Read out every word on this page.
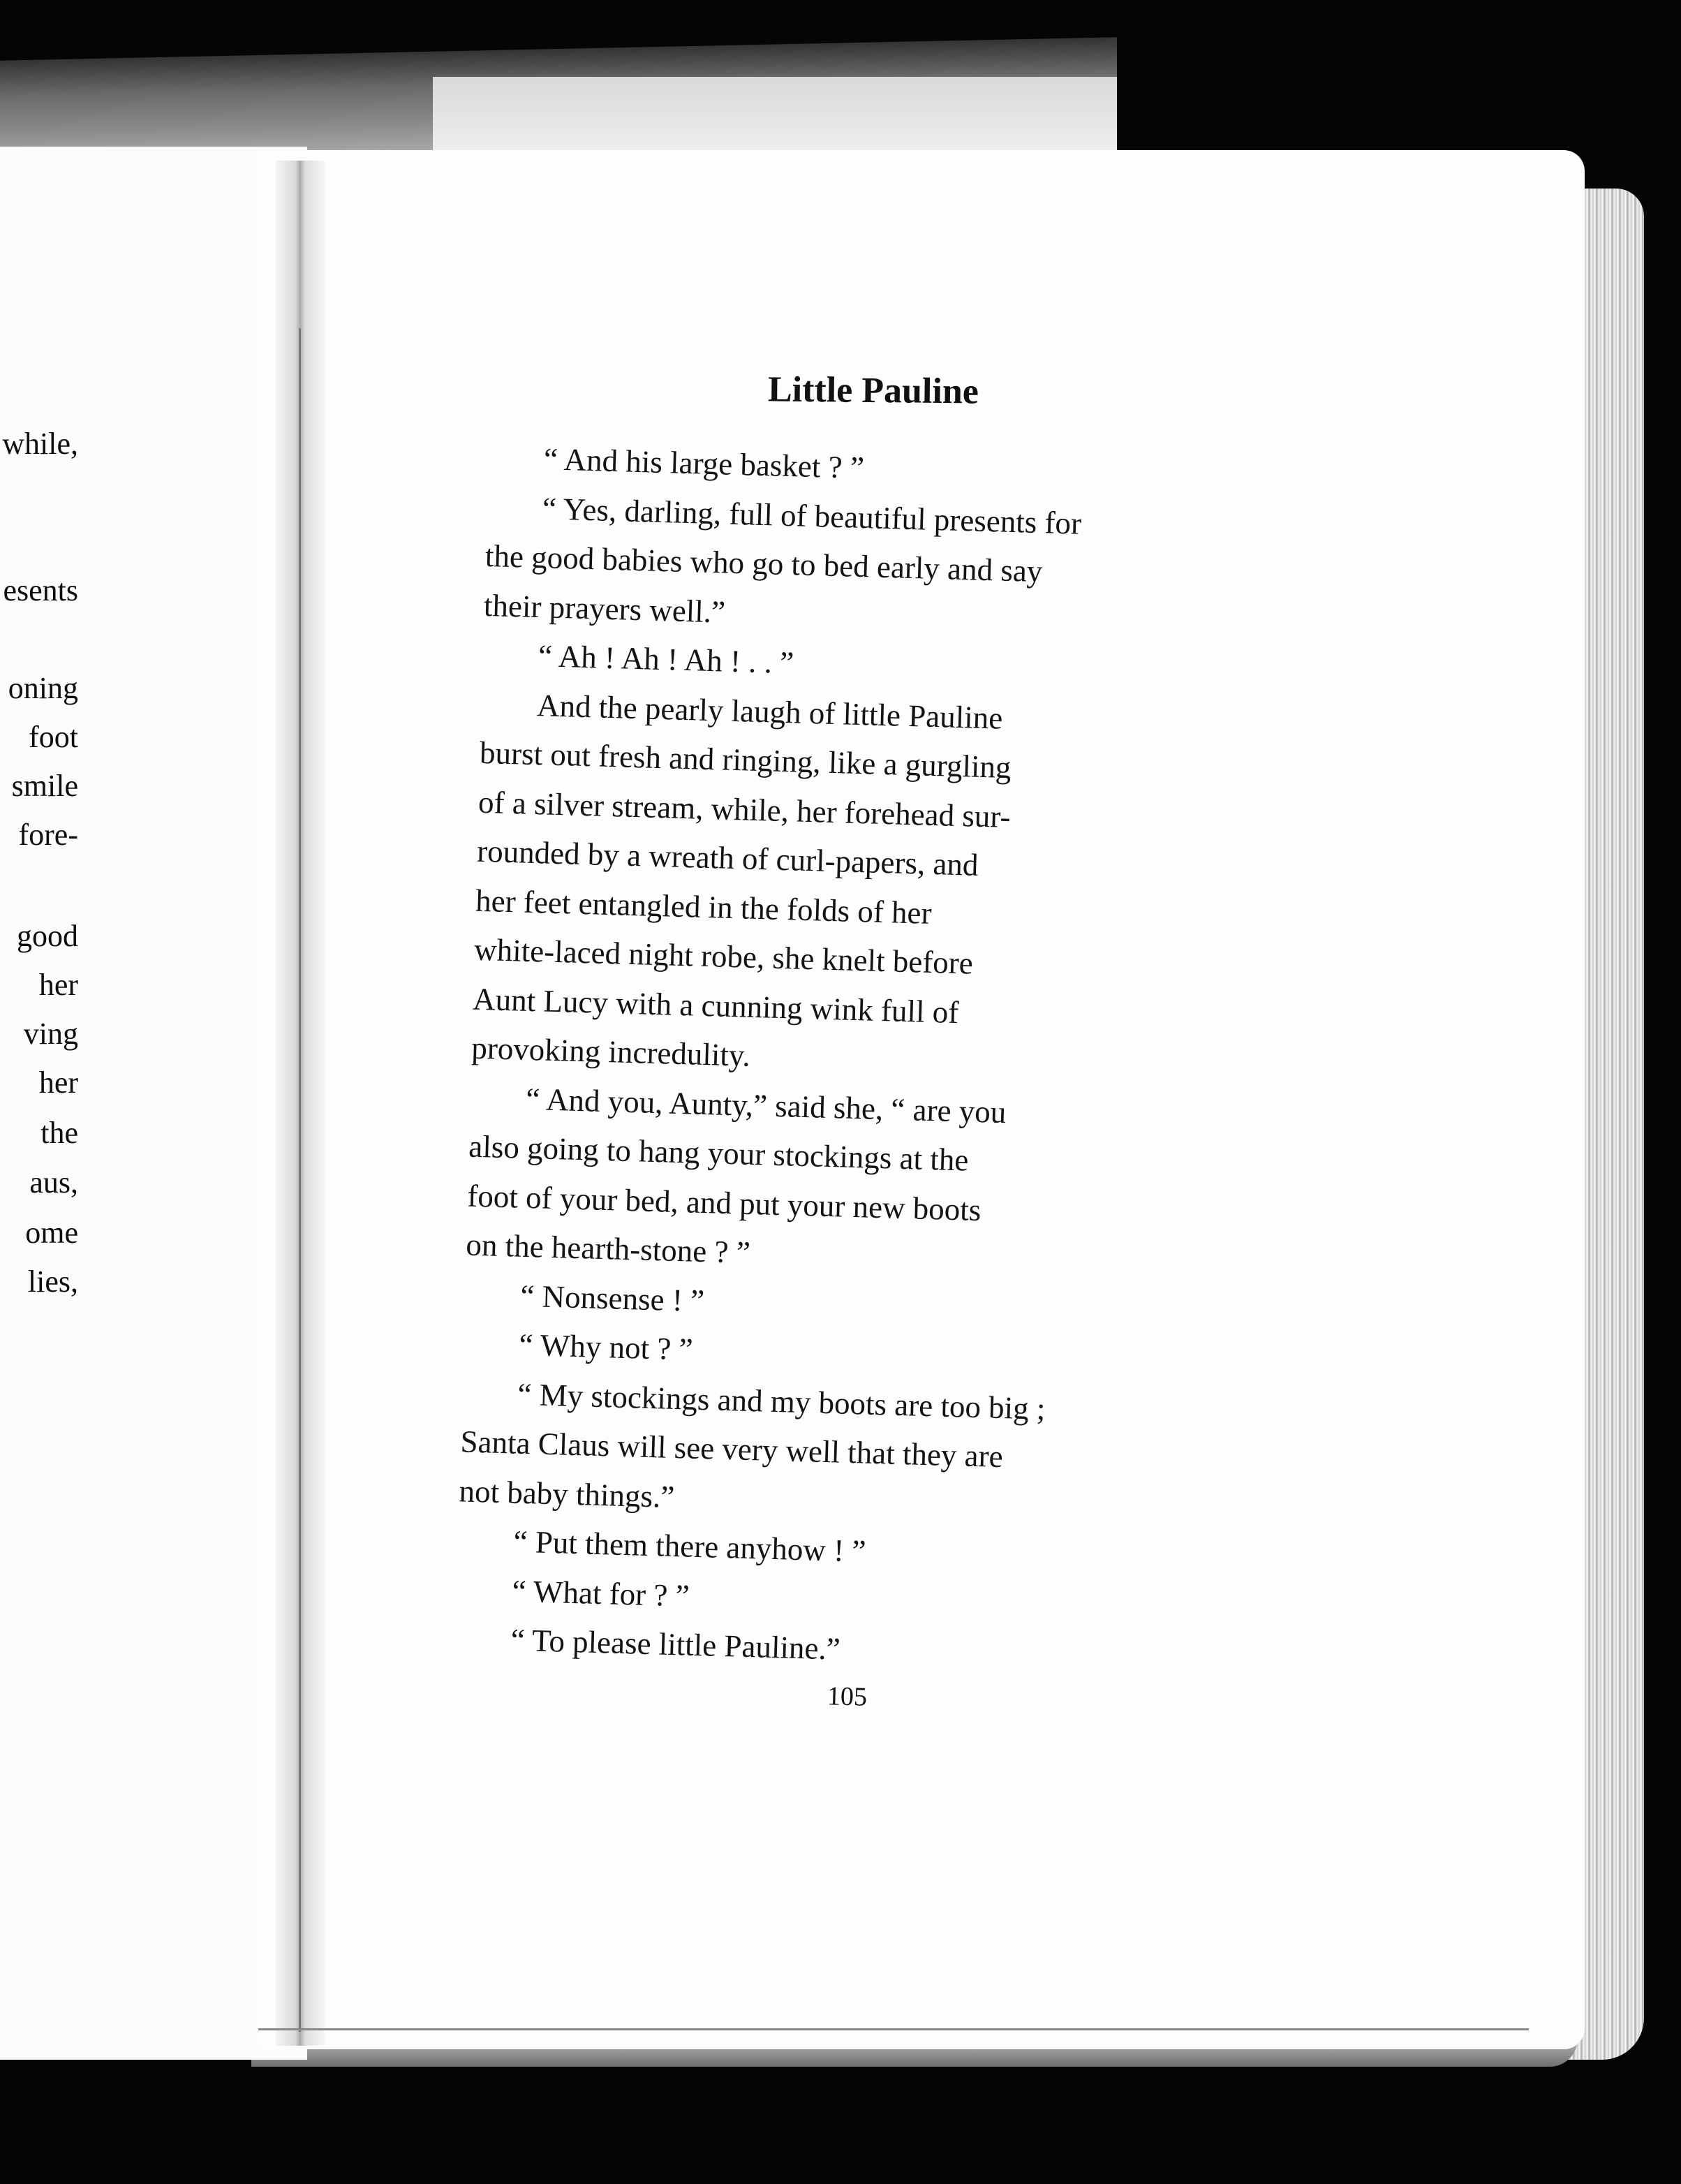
while,
esents
oning
foot
smile
fore-
good
her
ving
her
the
aus,
ome
lies,
Little Pauline
“ And his large basket ? ”
“ Yes, darling, full of beautiful presents for
the good babies who go to bed early and say
their prayers well.”
“ Ah ! Ah ! Ah ! . . ”
And the pearly laugh of little Pauline
burst out fresh and ringing, like a gurgling
of a silver stream, while, her forehead sur-
rounded by a wreath of curl-papers, and
her feet entangled in the folds of her
white-laced night robe, she knelt before
Aunt Lucy with a cunning wink full of
provoking incredulity.
“ And you, Aunty,” said she, “ are you
also going to hang your stockings at the
foot of your bed, and put your new boots
on the hearth-stone ? ”
“ Nonsense ! ”
“ Why not ? ”
“ My stockings and my boots are too big ;
Santa Claus will see very well that they are
not baby things.”
“ Put them there anyhow ! ”
“ What for ? ”
“ To please little Pauline.”
105
